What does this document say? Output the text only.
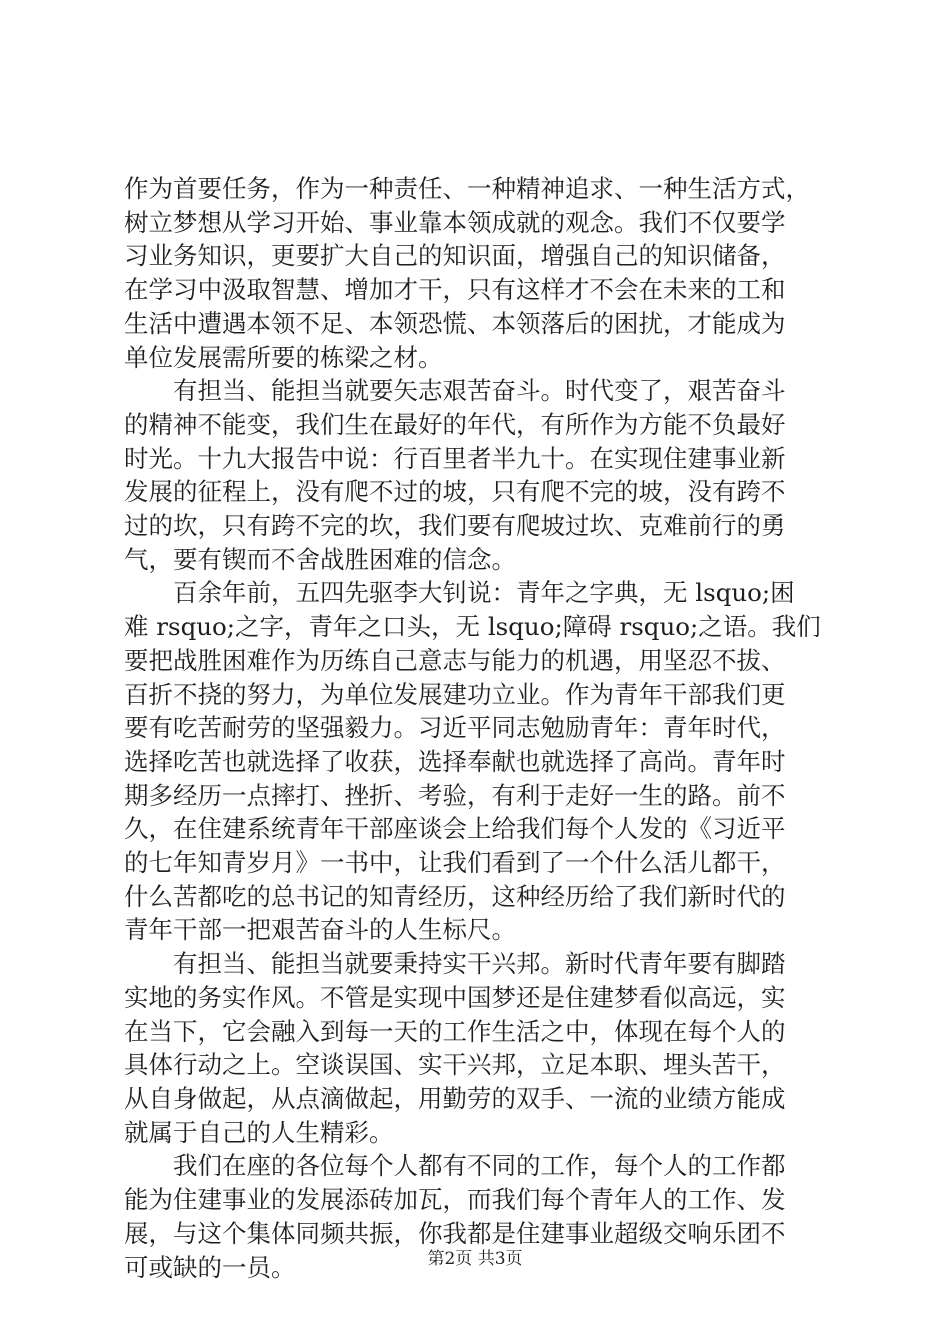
作为首要任务，作为一种责任、一种精神追求、一种生活方式，
树立梦想从学习开始、事业靠本领成就的观念。我们不仅要学
习业务知识，更要扩大自己的知识面，增强自己的知识储备，
在学习中汲取智慧、增加才干，只有这样才不会在未来的工和
生活中遭遇本领不足、本领恐慌、本领落后的困扰，才能成为
单位发展需所要的栋梁之材。

有担当、能担当就要矢志艰苦奋斗。时代变了，艰苦奋斗
的精神不能变，我们生在最好的年代，有所作为方能不负最好
时光。十九大报告中说：行百里者半九十。在实现住建事业新
发展的征程上，没有爬不过的坡，只有爬不完的坡，没有跨不
过的坎，只有跨不完的坎，我们要有爬坡过坎、克难前行的勇
气，要有锲而不舍战胜困难的信念。

百余年前，五四先驱李大钊说：青年之字典，无 lsquo;困
难 rsquo;之字，青年之口头，无 lsquo;障碍 rsquo;之语。我们
要把战胜困难作为历练自己意志与能力的机遇，用坚忍不拔、
百折不挠的努力，为单位发展建功立业。作为青年干部我们更
要有吃苦耐劳的坚强毅力。习近平同志勉励青年：青年时代，
选择吃苦也就选择了收获，选择奉献也就选择了高尚。青年时
期多经历一点摔打、挫折、考验，有利于走好一生的路。前不
久，在住建系统青年干部座谈会上给我们每个人发的《习近平
的七年知青岁月》一书中，让我们看到了一个什么活儿都干，
什么苦都吃的总书记的知青经历，这种经历给了我们新时代的
青年干部一把艰苦奋斗的人生标尺。

有担当、能担当就要秉持实干兴邦。新时代青年要有脚踏
实地的务实作风。不管是实现中国梦还是住建梦看似高远，实
在当下，它会融入到每一天的工作生活之中，体现在每个人的
具体行动之上。空谈误国、实干兴邦，立足本职、埋头苦干，
从自身做起，从点滴做起，用勤劳的双手、一流的业绩方能成
就属于自己的人生精彩。

我们在座的各位每个人都有不同的工作，每个人的工作都
能为住建事业的发展添砖加瓦，而我们每个青年人的工作、发
展，与这个集体同频共振，你我都是住建事业超级交响乐团不
可或缺的一员。	第2页 共3页
